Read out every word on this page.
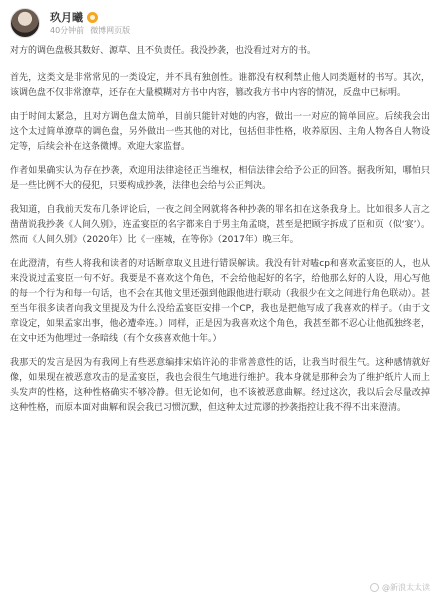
玖月曦
40分钟前 微博网页版

对方的调色盘极其数好、源草、且不负责任。我没抄袭，也没看过对方的书。

首先，这类文是非常常见的一类设定，并不具有独创性。谁都没有权利禁止他人同类题材的书写。其次，该调色盘不仅非常潦草，还存在大量模糊对方书中内容，篡改我方书中内容的情况，反盘中已标明。

由于时间太紧急，且对方调色盘太简单，目前只能针对她的内容，做出一一对应的简单回应。后续我会出这个太过简单潦草的调色盘，另外做出一些其他的对比，包括但非性格，收养原因、主角人物各自人物设定等，后续会补在这条微博。欢迎大家监督。

作者如果确实认为存在抄袭，欢迎用法律途径正当维权，相信法律会给予公正的回答。据我所知，哪怕只是一些比例不大的侵犯，只要构成抄袭，法律也会给与公正判决。

我知道，自我前天发布几条评论后，一夜之间全网就将各种抄袭的罪名扣在这条我身上。比如很多人言之凿凿说我抄袭《人间久别》，连孟宴臣的名字都来自于男主角孟晓，甚至是把顾字拆成了臣和页（似‘宴’）。然而《人间久别》（2020年）比《一座城，在等你》（2017年）晚三年。

在此澄清，有些人将我和读者的对话断章取义且进行错误解读。我没有针对嗑cp和喜欢孟宴臣的人，也从来没说过孟宴臣一句不好。我要是不喜欢这个角色，不会给他起好的名字，给他那么好的人设，用心写他的每一个行为和每一句话，也不会在其他文里还强到他跟他进行联动（我很少在文之间进行角色联动）。甚至当年很多读者向我文里提及为什么没给孟宴臣安排一个CP，我也是把他写成了我喜欢的样子。（由于文章设定，如果孟家出事，他必遭牵连。）同样，正是因为我喜欢这个角色，我甚至都不忍心让他孤独终老，在文中还为他埋过一条暗线（有个女孩喜欢他十年。）

我那天的发言是因为有我网上有些恶意编排宋焰许沁的非常善意性的话，让我当时很生气。这种感情就好像，如果现在被恶意攻击的是孟宴臣，我也会很生气地进行维护。我本身就是那种会为了维护纸片人而上头发声的性格，这种性格确实不够冷静。但无论如何，也不该被恶意曲解。经过这次，我以后会尽量改掉这种性格，而原本面对曲解和误会我已习惯沉默，但这种太过荒谬的抄袭指控让我不得不出来澄清。

@新浪太太读
